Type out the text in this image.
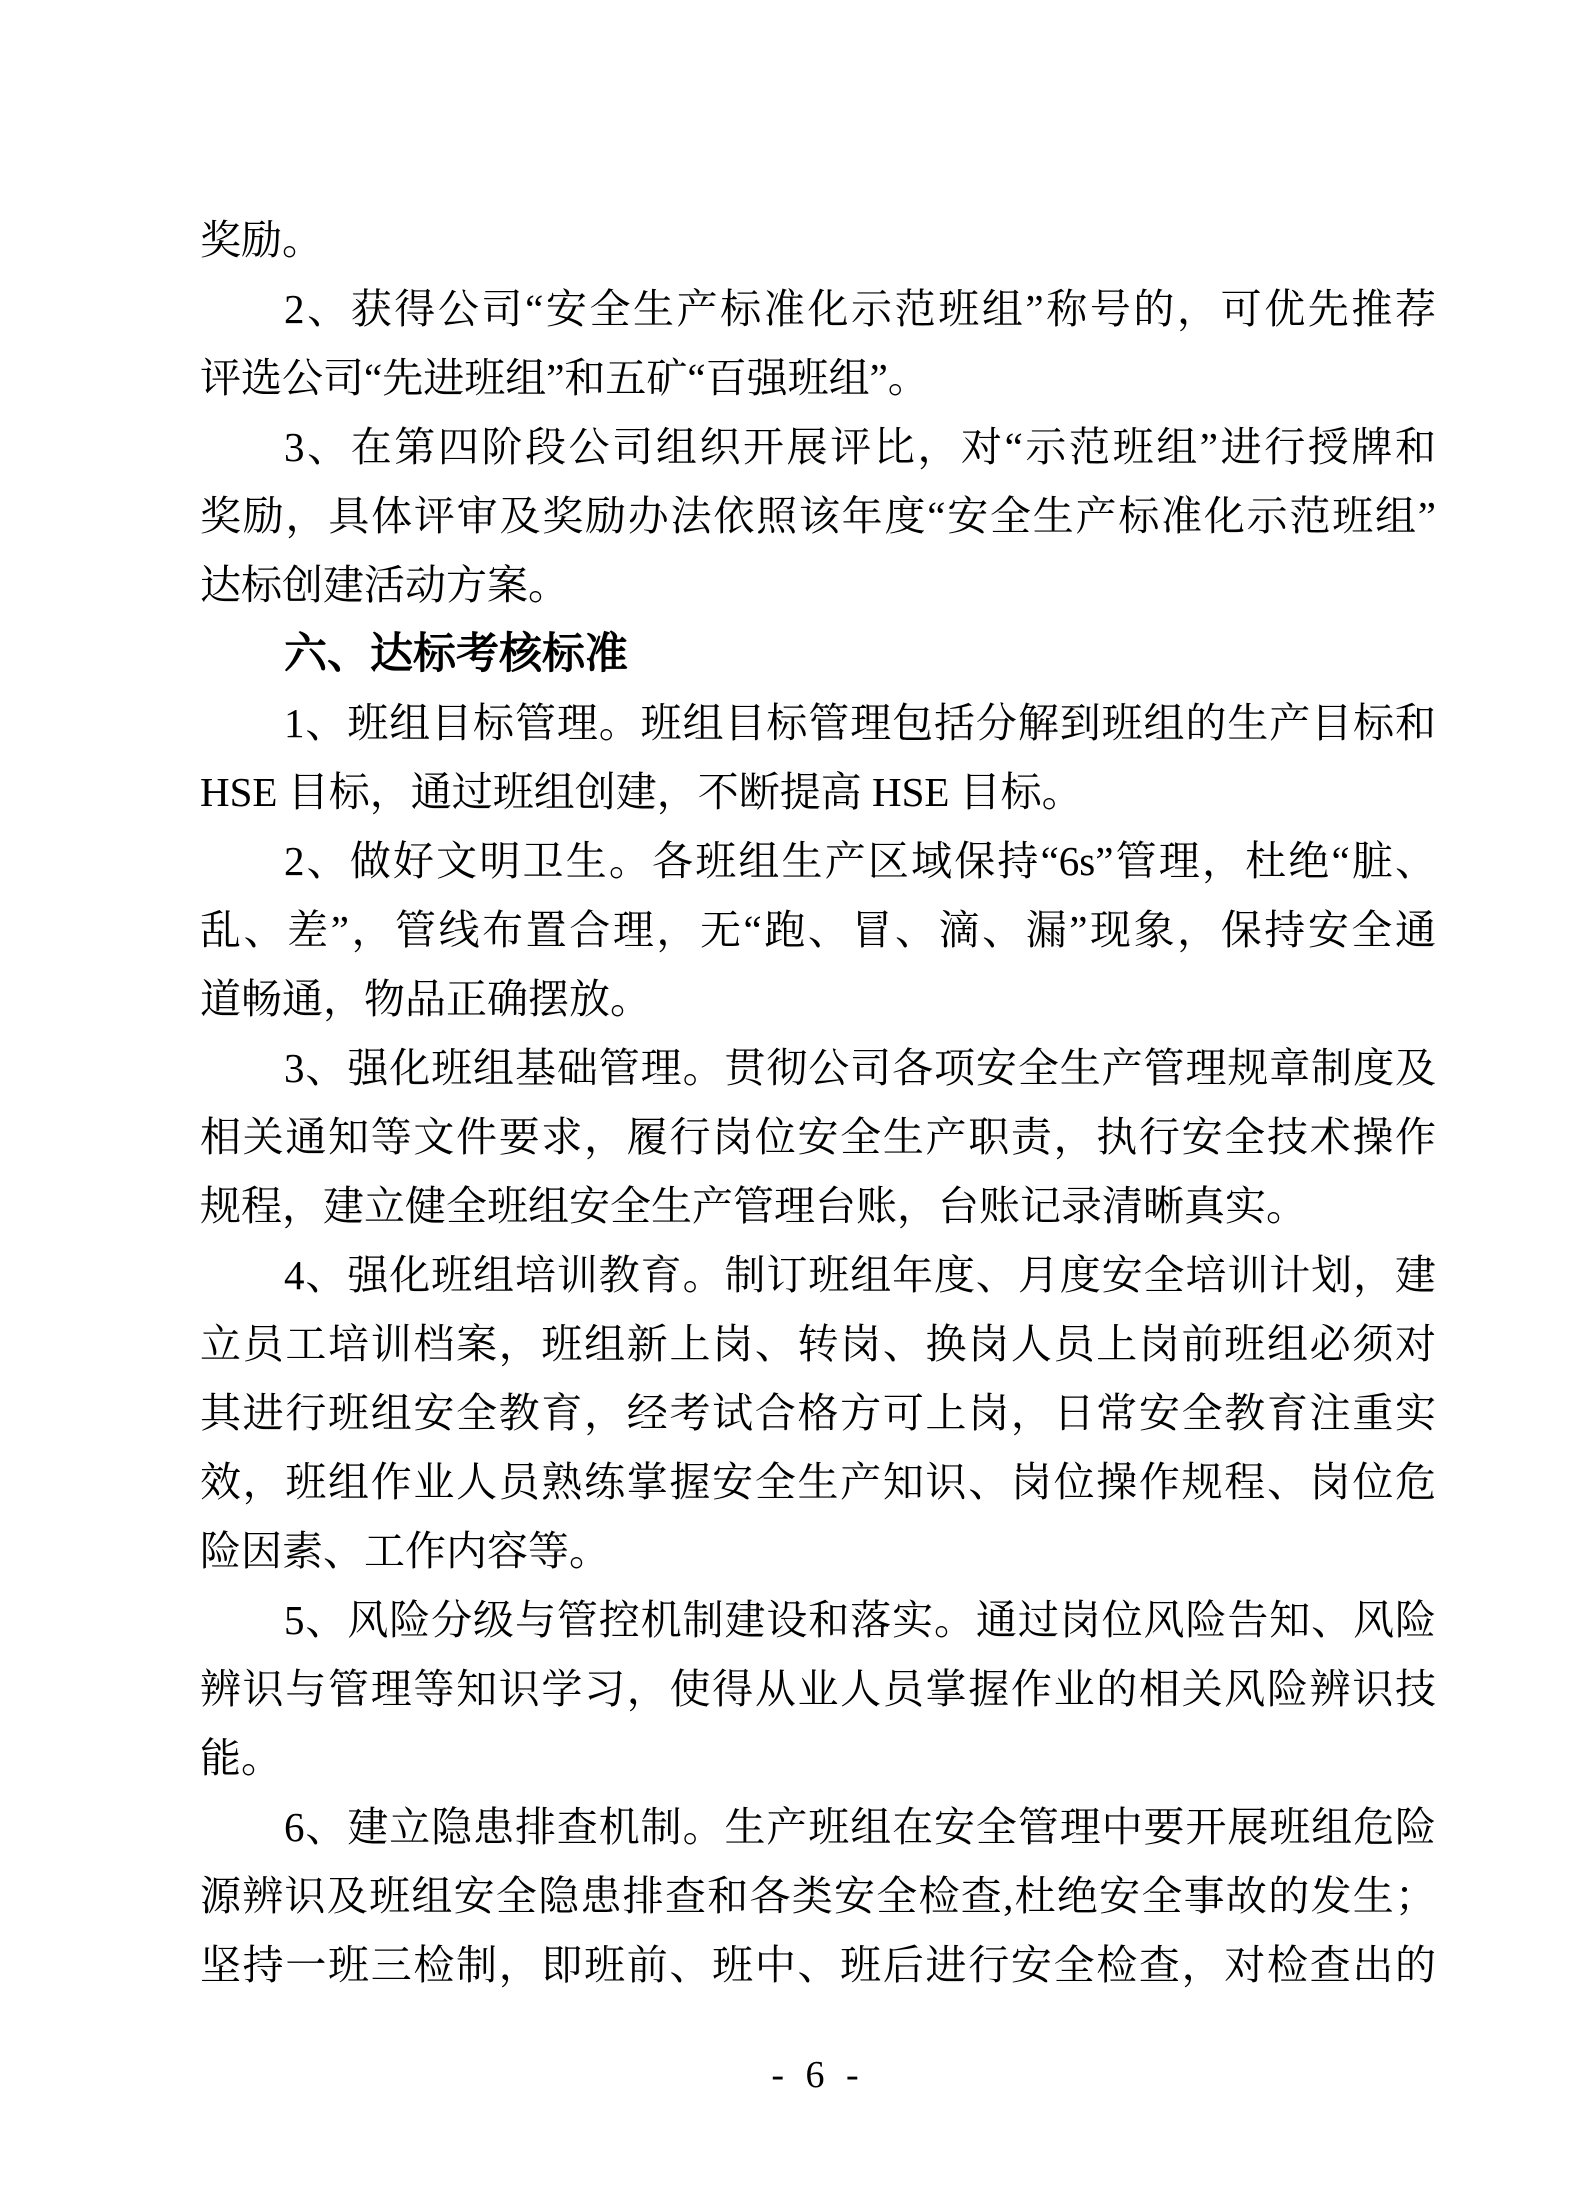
奖励。
2、获得公司“安全生产标准化示范班组”称号的，可优先推荐
评选公司“先进班组”和五矿“百强班组”。
3、在第四阶段公司组织开展评比，对“示范班组”进行授牌和
奖励，具体评审及奖励办法依照该年度“安全生产标准化示范班组”
达标创建活动方案。
六、达标考核标准
1、班组目标管理。班组目标管理包括分解到班组的生产目标和
HSE 目标，通过班组创建，不断提高 HSE 目标。
2、做好文明卫生。各班组生产区域保持“6s”管理，杜绝“脏、
乱、差”，管线布置合理，无“跑、冒、滴、漏”现象，保持安全通
道畅通，物品正确摆放。
3、强化班组基础管理。贯彻公司各项安全生产管理规章制度及
相关通知等文件要求，履行岗位安全生产职责，执行安全技术操作
规程，建立健全班组安全生产管理台账，台账记录清晰真实。
4、强化班组培训教育。制订班组年度、月度安全培训计划，建
立员工培训档案，班组新上岗、转岗、换岗人员上岗前班组必须对
其进行班组安全教育，经考试合格方可上岗，日常安全教育注重实
效，班组作业人员熟练掌握安全生产知识、岗位操作规程、岗位危
险因素、工作内容等。
5、风险分级与管控机制建设和落实。通过岗位风险告知、风险
辨识与管理等知识学习，使得从业人员掌握作业的相关风险辨识技
能。
6、建立隐患排查机制。生产班组在安全管理中要开展班组危险
源辨识及班组安全隐患排查和各类安全检查,杜绝安全事故的发生；
坚持一班三检制，即班前、班中、班后进行安全检查，对检查出的
- 6 -
